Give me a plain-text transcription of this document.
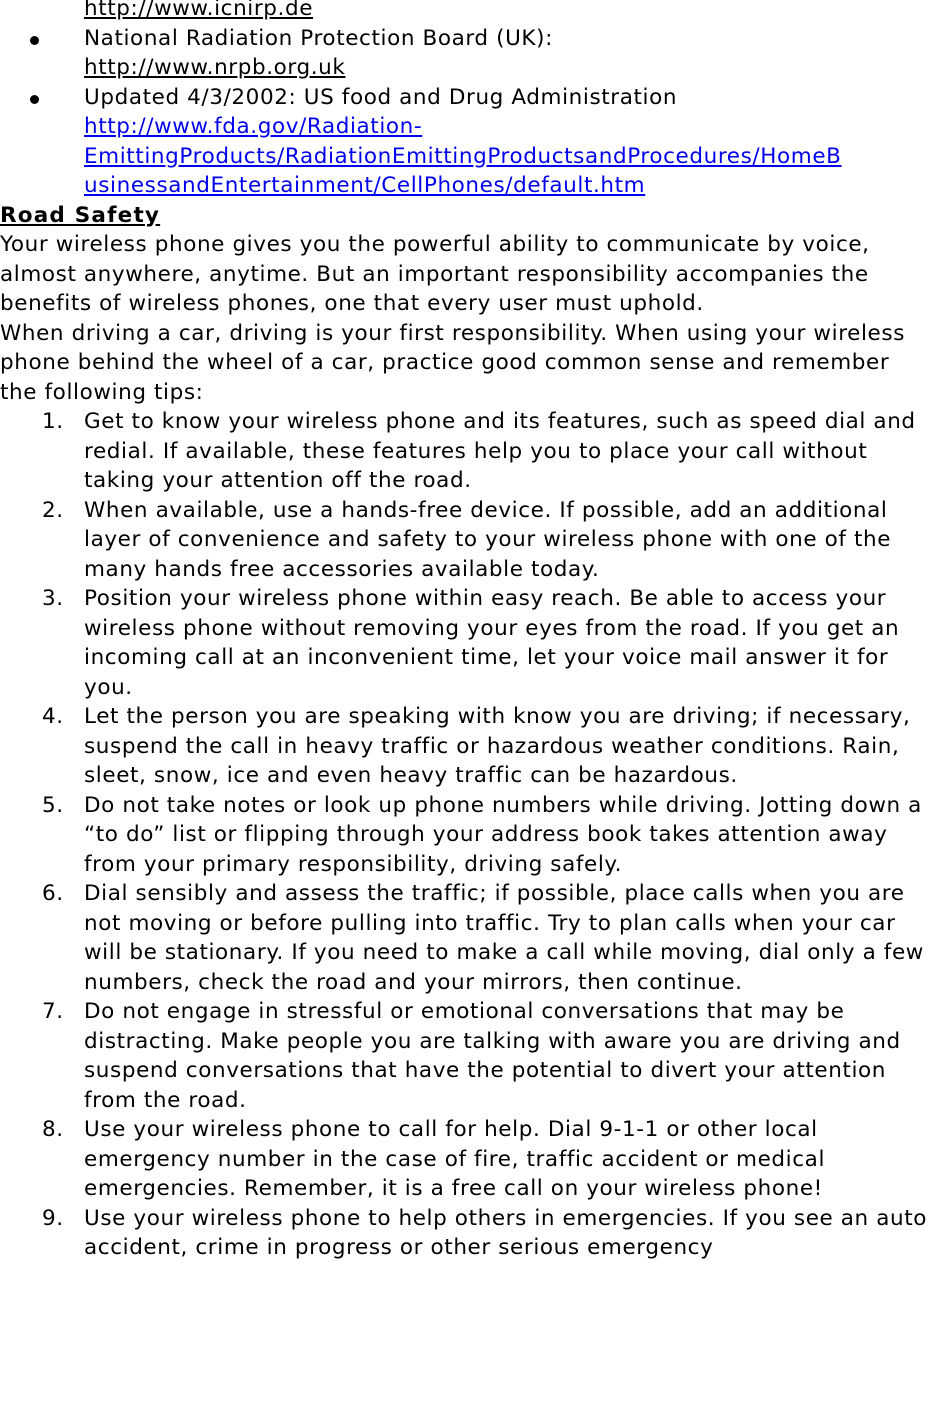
http://www.icnirp.de
National Radiation Protection Board (UK):
http://www.nrpb.org.uk
Updated 4/3/2002: US food and Drug Administration
http://www.fda.gov/Radiation-
EmittingProducts/RadiationEmittingProductsandProcedures/HomeB
usinessandEntertainment/CellPhones/default.htm
Road Safety

Your wireless phone gives you the powerful ability to communicate by voice, almost anywhere, anytime. But an important responsibility accompanies the benefits of wireless phones, one that every user must uphold.

When driving a car, driving is your first responsibility. When using your wireless phone behind the wheel of a car, practice good common sense and remember the following tips:

1. Get to know your wireless phone and its features, such as speed dial and redial. If available, these features help you to place your call without taking your attention off the road.
2. When available, use a hands-free device. If possible, add an additional layer of convenience and safety to your wireless phone with one of the many hands free accessories available today.
3. Position your wireless phone within easy reach. Be able to access your wireless phone without removing your eyes from the road. If you get an incoming call at an inconvenient time, let your voice mail answer it for you.
4. Let the person you are speaking with know you are driving; if necessary, suspend the call in heavy traffic or hazardous weather conditions. Rain, sleet, snow, ice and even heavy traffic can be hazardous.
5. Do not take notes or look up phone numbers while driving. Jotting down a “to do” list or flipping through your address book takes attention away from your primary responsibility, driving safely.
6. Dial sensibly and assess the traffic; if possible, place calls when you are not moving or before pulling into traffic. Try to plan calls when your car will be stationary. If you need to make a call while moving, dial only a few numbers, check the road and your mirrors, then continue.
7. Do not engage in stressful or emotional conversations that may be distracting. Make people you are talking with aware you are driving and suspend conversations that have the potential to divert your attention from the road.
8. Use your wireless phone to call for help. Dial 9-1-1 or other local emergency number in the case of fire, traffic accident or medical emergencies. Remember, it is a free call on your wireless phone!
9. Use your wireless phone to help others in emergencies. If you see an auto accident, crime in progress or other serious emergency
